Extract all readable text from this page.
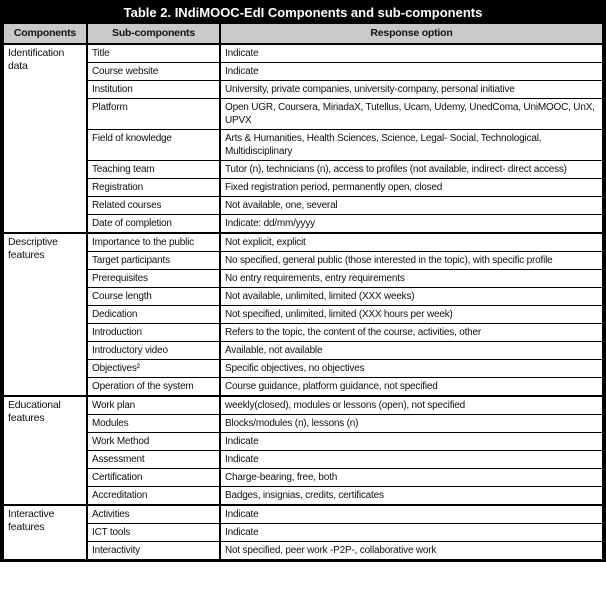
Table 2. INdiMOOC-EdI Components and sub-components
Components	Sub-components	Response option
Identification data	Title	Indicate
	Course website	Indicate
	Institution	University, private companies, university-company, personal initiative
	Platform	Open UGR, Coursera, MiriadaX, Tutellus, Ucam, Udemy, UnedComa, UniMOOC, UnX, UPVX
	Field of knowledge	Arts & Humanities, Health Sciences, Science, Legal- Social, Technological, Multidisciplinary
	Teaching team	Tutor (n), technicians (n), access to profiles (not available, indirect- direct access)
	Registration	Fixed registration period, permanently open, closed
	Related courses	Not available, one, several
	Date of completion	Indicate: dd/mm/yyyy
Descriptive features	Importance to the public	Not explicit, explicit
	Target participants	No specified, general public (those interested in the topic), with specific profile
	Prerequisites	No entry requirements, entry requirements
	Course length	Not available, unlimited, limited (XXX weeks)
	Dedication	Not specified, unlimited, limited (XXX hours per week)
	Introduction	Refers to the topic, the content of the course, activities, other
	Introductory video	Available, not available
	Objectives²	Specific objectives, no objectives
	Operation of the system	Course guidance, platform guidance, not specified
Educational features	Work plan	weekly(closed), modules or lessons (open), not specified
	Modules	Blocks/modules (n), lessons (n)
	Work Method	Indicate
	Assessment	Indicate
	Certification	Charge-bearing, free, both
	Accreditation	Badges, insignias, credits, certificates
Interactive features	Activities	Indicate
	ICT tools	Indicate
	Interactivity	Not specified, peer work -P2P-, collaborative work
